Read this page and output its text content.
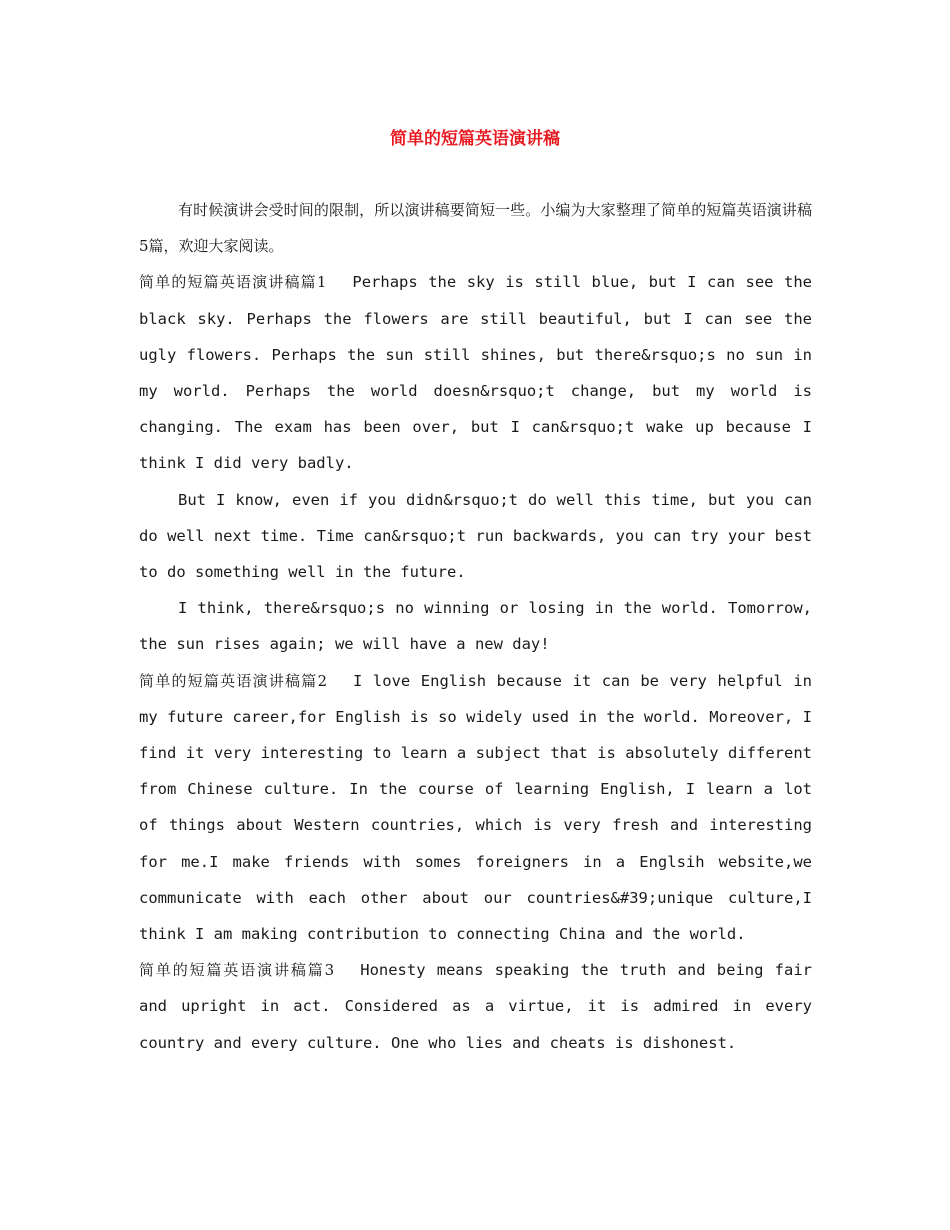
简单的短篇英语演讲稿

有时候演讲会受时间的限制，所以演讲稿要简短一些。小编为大家整理了简单的短篇英语演讲稿5篇，欢迎大家阅读。

简单的短篇英语演讲稿篇1 Perhaps the sky is still blue, but I can see the black sky. Perhaps the flowers are still beautiful, but I can see the ugly flowers. Perhaps the sun still shines, but there&rsquo;s no sun in my world. Perhaps the world doesn&rsquo;t change, but my world is changing. The exam has been over, but I can&rsquo;t wake up because I think I did very badly.

But I know, even if you didn&rsquo;t do well this time, but you can do well next time. Time can&rsquo;t run backwards, you can try your best to do something well in the future.

I think, there&rsquo;s no winning or losing in the world. Tomorrow, the sun rises again; we will have a new day!

简单的短篇英语演讲稿篇2 I love English because it can be very helpful in my future career,for English is so widely used in the world. Moreover, I find it very interesting to learn a subject that is absolutely different from Chinese culture. In the course of learning English, I learn a lot of things about Western countries, which is very fresh and interesting for me.I make friends with somes foreigners in a Englsih website,we communicate with each other about our countries&#39;unique culture,I think I am making contribution to connecting China and the world.

简单的短篇英语演讲稿篇3 Honesty means speaking the truth and being fair and upright in act. Considered as a virtue, it is admired in every country and every culture. One who lies and cheats is dishonest.
